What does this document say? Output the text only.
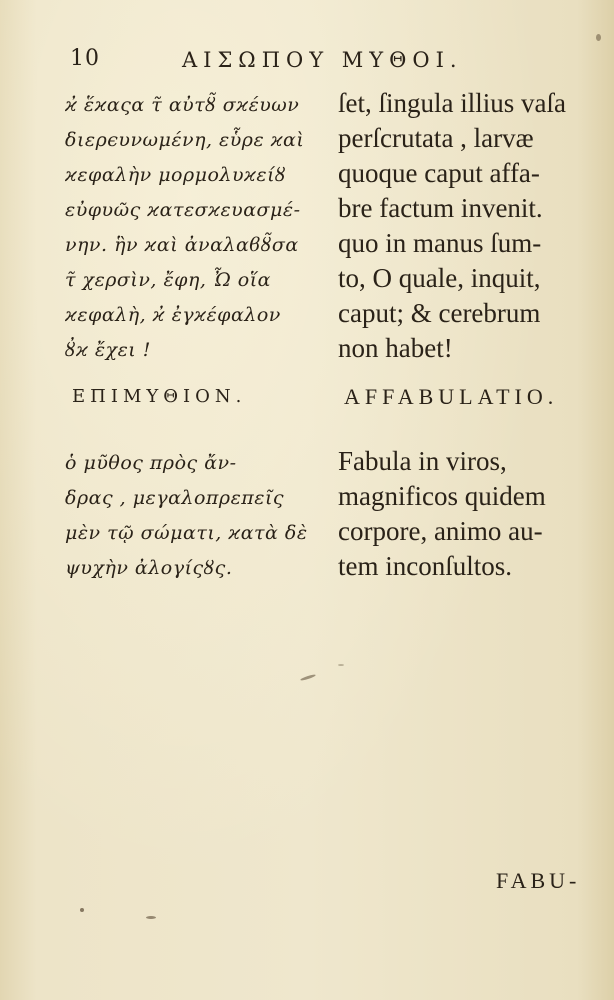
10	ΑΙΣΩΠΟΥ ΜΥΘΟΙ.
ϰ̓ ἕϰαςα τ̃ αὐτȣ̃ σϰέυων
διερϵυνωμένη, εὗρε ϰαὶ
ϰεφαλὴν μορμολυϰείȣ
εὐφυῶς ϰατεσϰευασμέ-
νην. ἣν ϰαὶ ἀναλαϐȣ̃σα
τ̃ χερσὶν, ἔφη, Ὦ οἵα
ϰεφαλὴ, ϰ̓ ἐγϰέφαλον
ȣ̓ϰ ἔχει !
ſet, ſingula illius vaſa
perſcrutata , larvæ
quoque caput affa-
bre factum invenit.
quo in manus ſum-
to, O quale, inquit,
caput; & cerebrum
non habet!
ΕΠΙΜΥΘΙΟΝ.	AFFABULATIO.
ὁ μῦθος πρὸς ἄν-
δρας , μεγαλοπρεπεῖς
μὲν τῷ σώματι, ϰατὰ δὲ
ψυχὴν ἀλογίςȣς.
Fabula in viros,
magnificos quidem
corpore, animo au-
tem inconſultos.
FABU-
